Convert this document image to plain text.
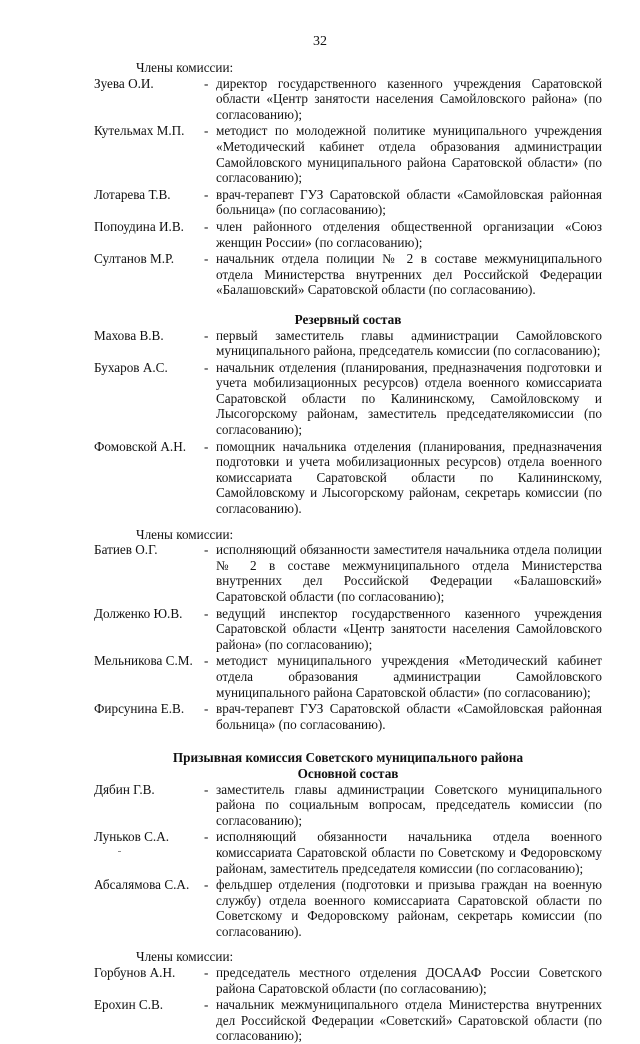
32

Члены комиссии:

Зуева О.И.	- директор государственного казенного учреждения Саратовской области «Центр занятости населения Самойловского района» (по согласованию);
Кутельмах М.П.	- методист по молодежной политике муниципального учреждения «Методический кабинет отдела образования администрации Самойловского муниципального района Саратовской области» (по согласованию);
Лотарева Т.В.	- врач-терапевт ГУЗ Саратовской области «Самойловская районная больница» (по согласованию);
Попоудина И.В.	- член районного отделения общественной организации «Союз женщин России» (по согласованию);
Султанов М.Р.	- начальник отдела полиции № 2 в составе межмуниципального отдела Министерства внутренних дел Российской Федерации «Балашовский» Саратовской области (по согласованию).

Резервный состав

Махова В.В.	- первый заместитель главы администрации Самойловского муниципального района, председатель комиссии (по согласованию);
Бухаров А.С.	- начальник отделения (планирования, предназначения подготовки и учета мобилизационных ресурсов) отдела военного комиссариата Саратовской области по Калининскому, Самойловскому и Лысогорскому районам, заместитель председателякомиссии (по согласованию);
Фомовской А.Н.	- помощник начальника отделения (планирования, предназначения подготовки и учета мобилизационных ресурсов) отдела военного комиссариата Саратовской области по Калининскому, Самойловскому и Лысогорскому районам, секретарь комиссии (по согласованию).

Члены комиссии:

Батиев О.Г.	- исполняющий обязанности заместителя начальника отдела полиции № 2 в составе межмуниципального отдела Министерства внутренних дел Российской Федерации «Балашовский» Саратовской области (по согласованию);
Долженко Ю.В.	- ведущий инспектор государственного казенного учреждения Саратовской области «Центр занятости населения Самойловского района» (по согласованию);
Мельникова С.М. - методист муниципального учреждения «Методический кабинет отдела образования администрации Самойловского муниципального района Саратовской области» (по согласованию);
Фирсунина Е.В.	- врач-терапевт ГУЗ Саратовской области «Самойловская районная больница» (по согласованию).

Призывная комиссия Советского муниципального района

Основной состав

Дябин Г.В.	- заместитель главы администрации Советского муниципального района по социальным вопросам, председатель комиссии (по согласованию);
Луньков С.А.	- исполняющий обязанности начальника отдела военного комиссариата Саратовской области по Советскому и Федоровскому районам, заместитель председателя комиссии (по согласованию);
Абсалямова С.А.	- фельдшер отделения (подготовки и призыва граждан на военную службу) отдела военного комиссариата Саратовской области по Советскому и Федоровскому районам, секретарь комиссии (по согласованию).

Члены комиссии:

Горбунов А.Н.	- председатель местного отделения ДОСААФ России Советского района Саратовской области (по согласованию);
Ерохин С.В.	- начальник межмуниципального отдела Министерства внутренних дел Российской Федерации «Советский» Саратовской области (по согласованию);
